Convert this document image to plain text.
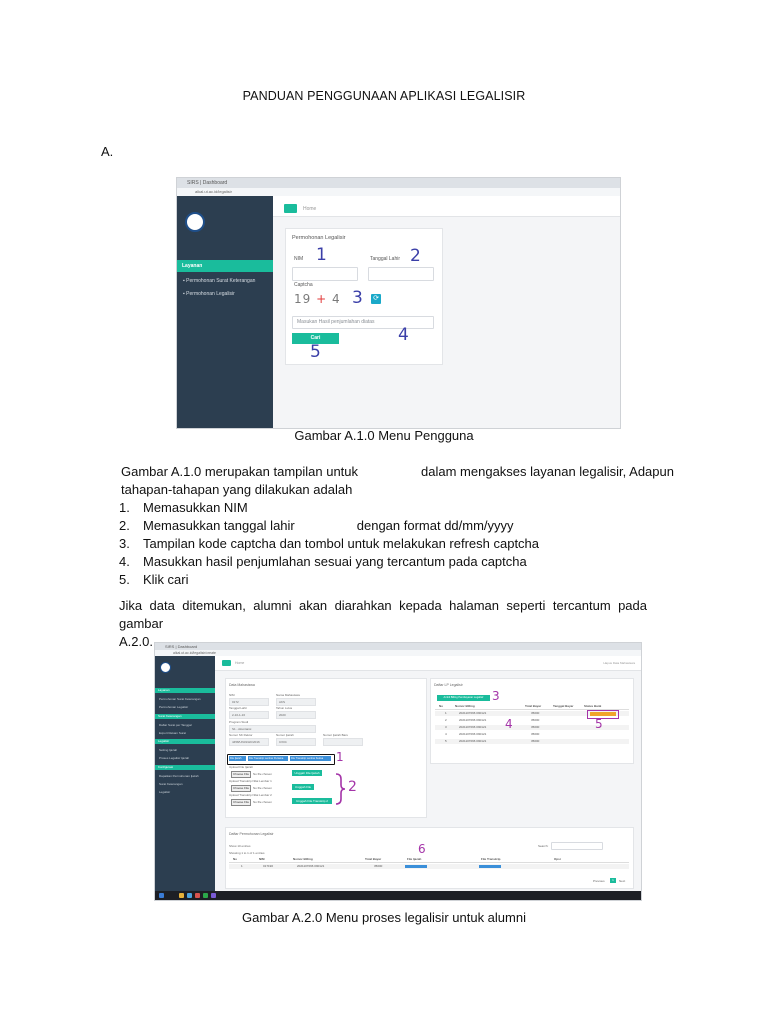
PANDUAN PENGGUNAAN APLIKASI LEGALISIR
A.
SIRS | Dashboard
alkal.ut.ac.id/legalisir
Layanan
▪ Permohonan Surat Keterangan
▪ Permohonan Legalisir
Home
Permohonan Legalisir
NIM 1	Tanggal Lahir 2
Captcha
19 + 4 3 ⟳
Masukan Hasil penjumlahan diatas
4
Cari
5
Gambar A.1.0 Menu Pengguna
Gambar A.1.0 merupakan tampilan untuk	dalam mengakses layanan legalisir, Adapun
tahapan-tahapan yang dilakukan adalah
1. Memasukkan NIM
2. Memasukkan tanggal lahir	dengan format dd/mm/yyyy
3. Tampilan kode captcha dan tombol untuk melakukan refresh captcha
4. Masukkan hasil penjumlahan sesuai yang tercantum pada captcha
5. Klik cari
Jika data ditemukan, alumni akan diarahkan kepada halaman seperti tercantum pada gambar
A.2.0.	SIRS | Dashboard
alkal.ut.ac.id/legalisir/create
Layanan
Permohonan Surat Keterangan
Permohonan Legalisir
Surat Keterangan
Daftar Surat per Tanggal
Export Rekam Surat
Legalisir
Setting Ijazah
Proses Legalisir Ijazah
Konfigurasi
Dapatkan Permohonan Ijazah
Surat Keterangan
Legalisir
Home	Hapus Data Mahasiswa
Data Mahasiswa
NIM
0172
Nama Mahasiswa
AKS
Tanggal Lahir
2-10-1-16
Tahun Lulus
2020
Program Studi
S1 - Akuntansi
Nomor SK Rektor
4458/UN31/HK/2016
Nomor Ijazah
CX04
Nomor Ijazah Baru
File Ijazah	File Transkrip Lembar Pertama	File Transkrip Lembar Kedua 1
Upload File Ijazah
Choose File	No file chosen	Unggah File Ijazah
Upload Transkrip Nilai Lembar 1
Choose File	No file chosen	Unggah File
Upload Transkrip Nilai Lembar 2
Choose File	No file chosen	Unggah File Transkrip 2
2
Daftar LP Legalisir
Ambil Billing Pembayaran Legalisir 3
No	Nomor Billing	Total Bayar	Tanggal Bayar	Status Bank
1	2021107096 090121	35000
2	2021107096 090121	35000
3	2021107096 090121	35000
4	2021107096 090121	35000
5	2021107096 090121	35000
4	5
Daftar Permohonan Legalisir
Show 10 entries	Search:
Showing 1 to 1 of 1 entries
No	NIM	Nomor Billing	Total Bayar	File Ijazah	File Transkrip	Opsi
1	017190	2021107096 090121	35000
6
Previous	1	Next
Gambar A.2.0 Menu proses legalisir untuk alumni
